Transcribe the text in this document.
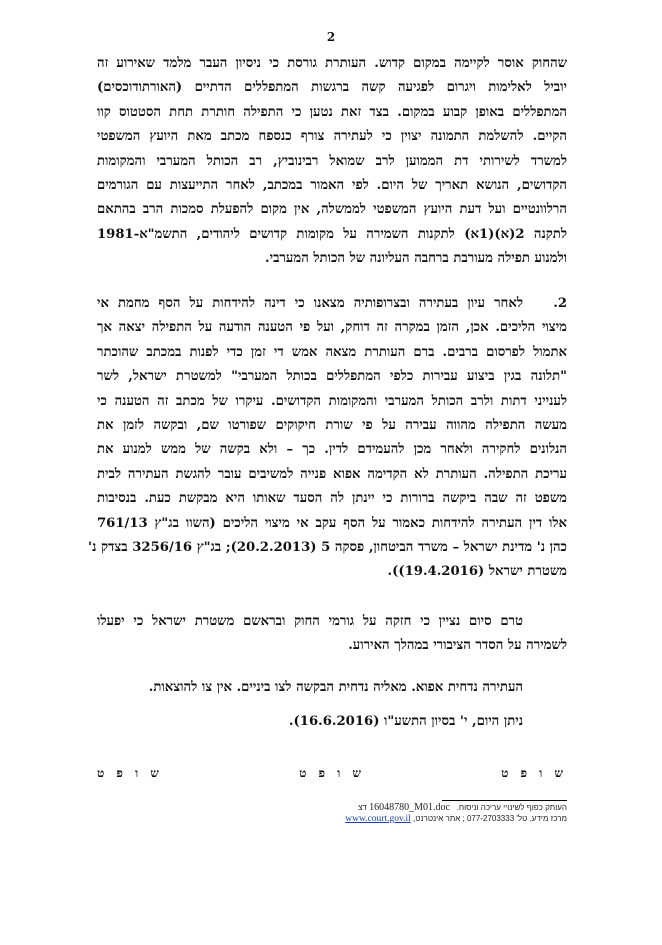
2
שהחוק אוסר לקיימה במקום קדוש. העותרת גורסת כי ניסיון העבר מלמד שאירוע זה
יוביל לאלימות ויגרום לפגיעה קשה ברגשות המתפללים הדתיים (האורתודוכסים)
המתפללים באופן קבוע במקום. בצד זאת נטען כי התפילה חותרת תחת הסטטוס קוו
הקיים. להשלמת התמונה יצוין כי לעתירה צורף כנספח מכתב מאת היועץ המשפטי
למשרד לשירותי דת הממוען לרב שמואל רבינוביץ, רב הכותל המערבי והמקומות
הקדושים, הנושא תאריך של היום. לפי האמור במכתב, לאחר התייעצות עם הגורמים
הרלוונטיים ועל דעת היועץ המשפטי לממשלה, אין מקום להפעלת סמכות הרב בהתאם
לתקנה 2(א)(1א) לתקנות השמירה על מקומות קדושים ליהודים, התשמ"א-1981
ולמנוע תפילה מעורבת ברחבה העליונה של הכותל המערבי.
2.לאחר עיון בעתירה ובצרופותיה מצאנו כי דינה להידחות על הסף מחמת אי
מיצוי הליכים. אכן, הזמן במקרה זה דוחק, ועל פי הטענה הודעה על התפילה יצאה אך
אתמול לפרסום ברבים. ברם העותרת מצאה אמש די זמן כדי לפנות במכתב שהוכתר
"תלונה בגין ביצוע עבירות כלפי המתפללים בכותל המערבי" למשטרת ישראל, לשר
לענייני דתות ולרב הכותל המערבי והמקומות הקדושים. עיקרו של מכתב זה הטענה כי
מעשה התפילה מהווה עבירה על פי שורת חיקוקים שפורטו שם, ובקשה לזמן את
הנלונים לחקירה ולאחר מכן להעמידם לדין. כך – ולא בקשה של ממש למנוע את
עריכת התפילה. העותרת לא הקדימה אפוא פנייה למשיבים עובר להגשת העתירה לבית
משפט זה שבה ביקשה ברורות כי יינתן לה הסעד שאותו היא מבקשת כעת. בנסיבות
אלו דין העתירה להידחות כאמור על הסף עקב אי מיצוי הליכים (השוו בג"ץ 761/13
כהן נ' מדינת ישראל – משרד הביטחון, פסקה 5 (20.2.2013); בג"ץ 3256/16 בצדק נ'
משטרת ישראל (19.4.2016)).
טרם סיום נציין כי חזקה על גורמי החוק ובראשם משטרת ישראל כי יפעלו
לשמירה על הסדר הציבורי במהלך האירוע.
העתירה נדחית אפוא. מאליה נדחית הבקשה לצו ביניים. אין צו להוצאות.
ניתן היום, י' בסיון התשע"ו (16.6.2016).
ש ו פ ט
ש ו פ ט
ש ו פ ט
העותק כפוף לשינויי עריכה וניסוח.   16048780_M01.doc דצ
מרכז מידע, טל' 077-2703333 ; אתר אינטרנט, www.court.gov.il
